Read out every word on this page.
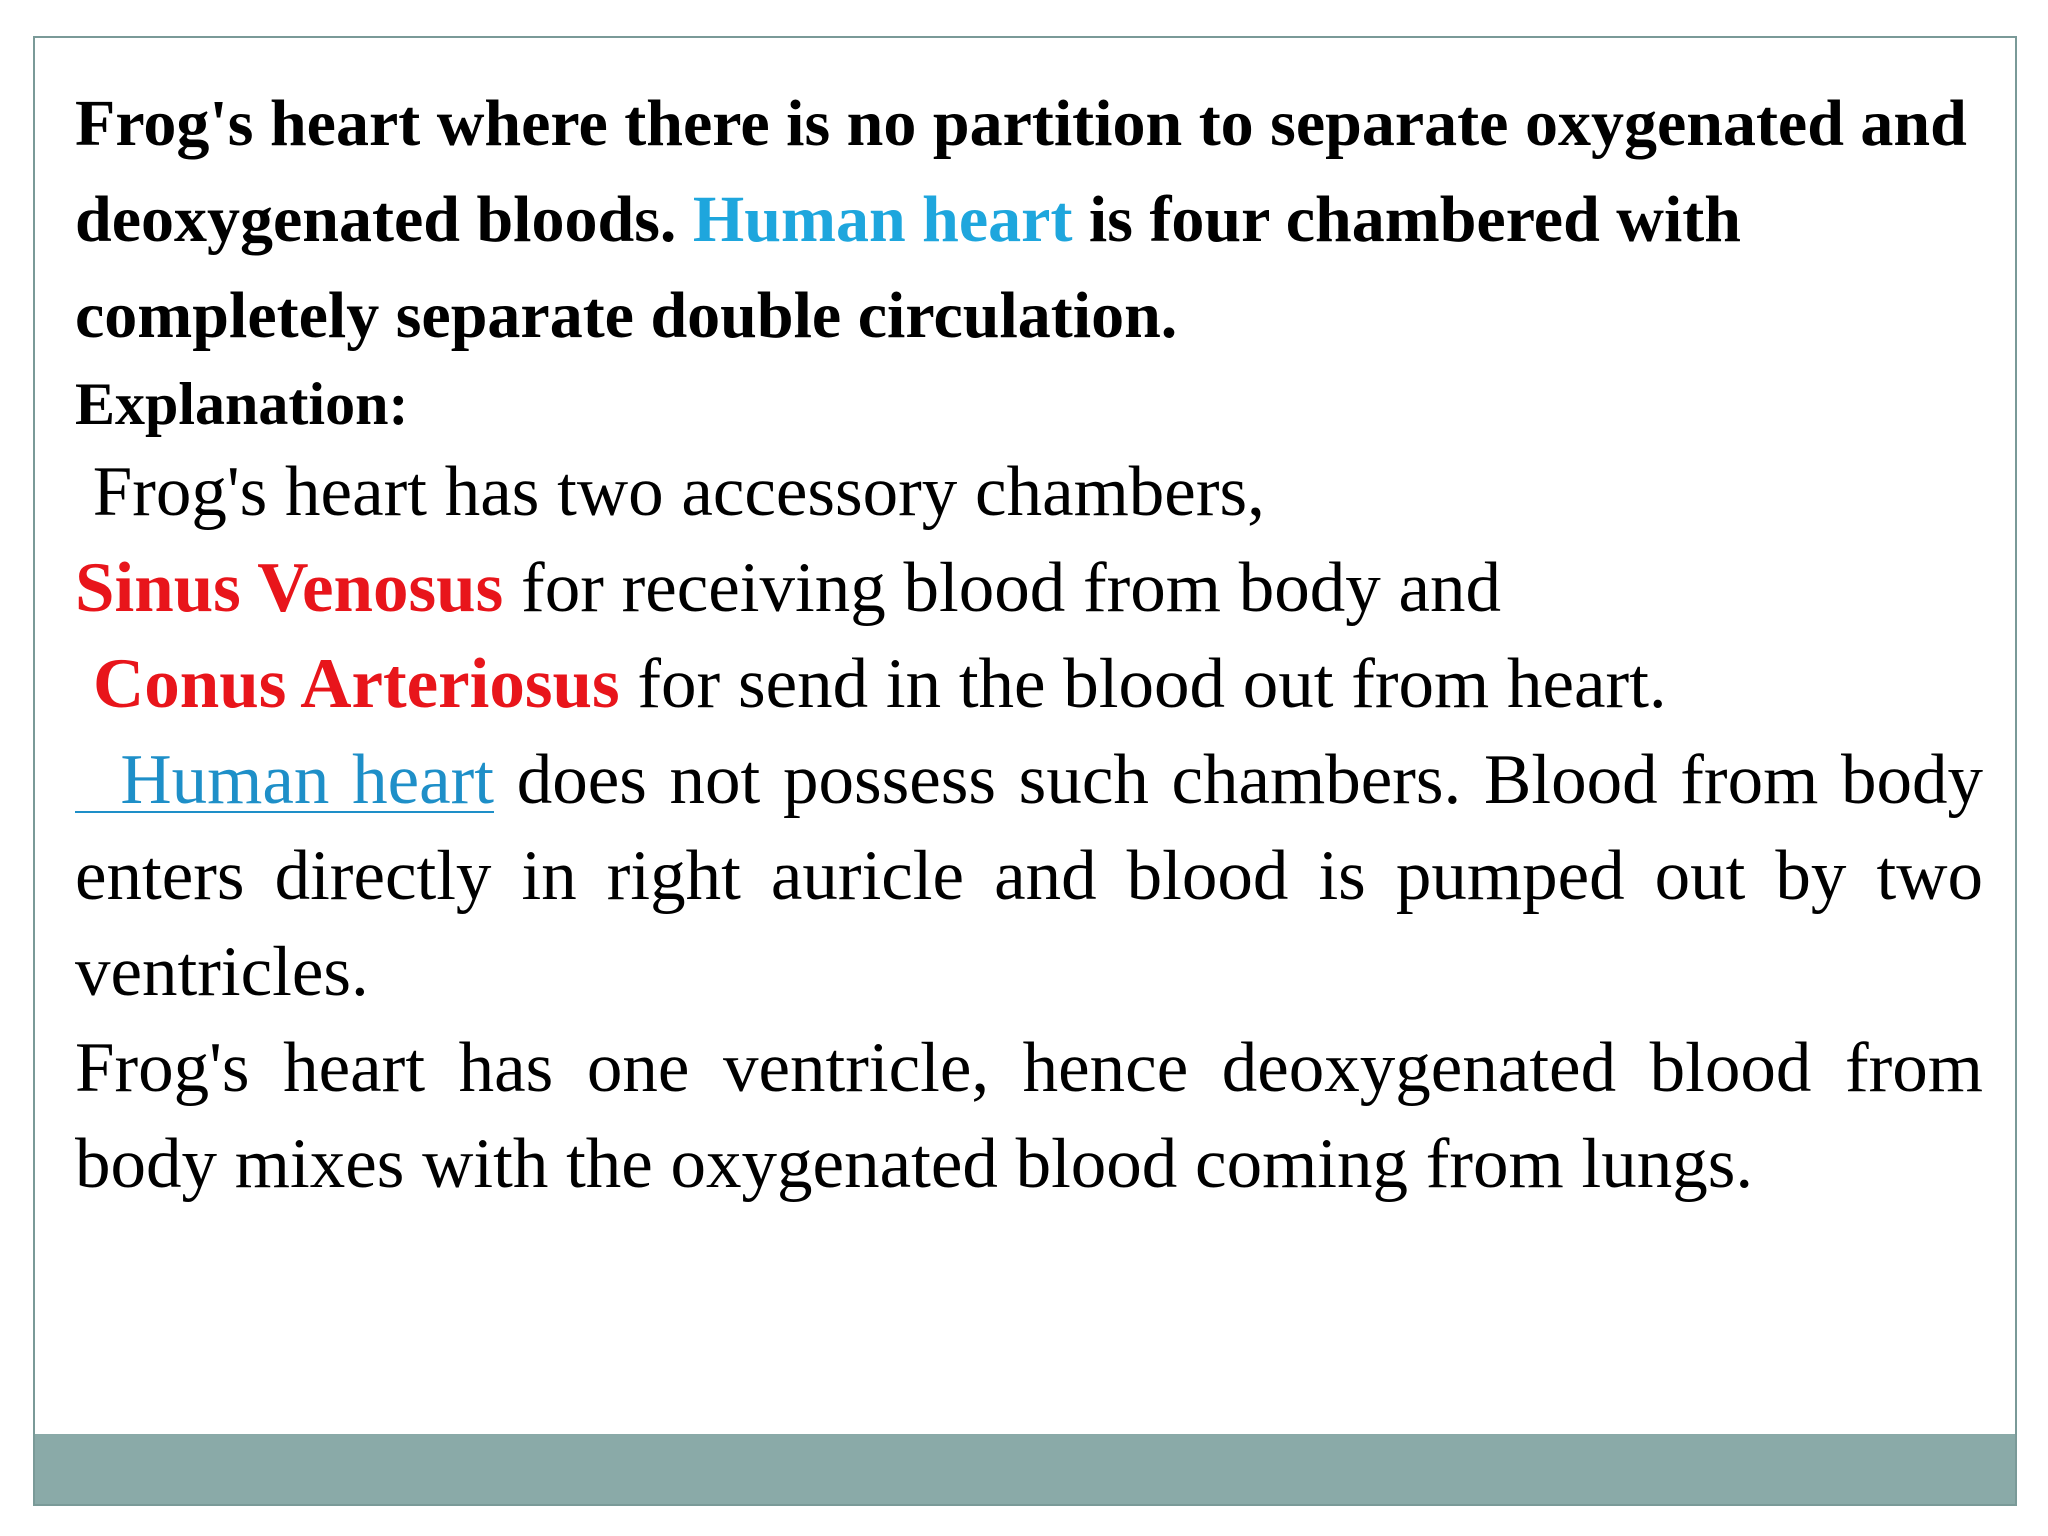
Frog's heart where there is no partition to separate oxygenated and deoxygenated bloods. Human heart is four chambered with completely separate double circulation.

Explanation:

Frog's heart has two accessory chambers,

Sinus Venosus for receiving blood from body and

Conus Arteriosus for send in the blood out from heart.

Human heart does not possess such chambers. Blood from body enters directly in right auricle and blood is pumped out by two ventricles.

Frog's heart has one ventricle, hence deoxygenated blood from body mixes with the oxygenated blood coming from lungs.
